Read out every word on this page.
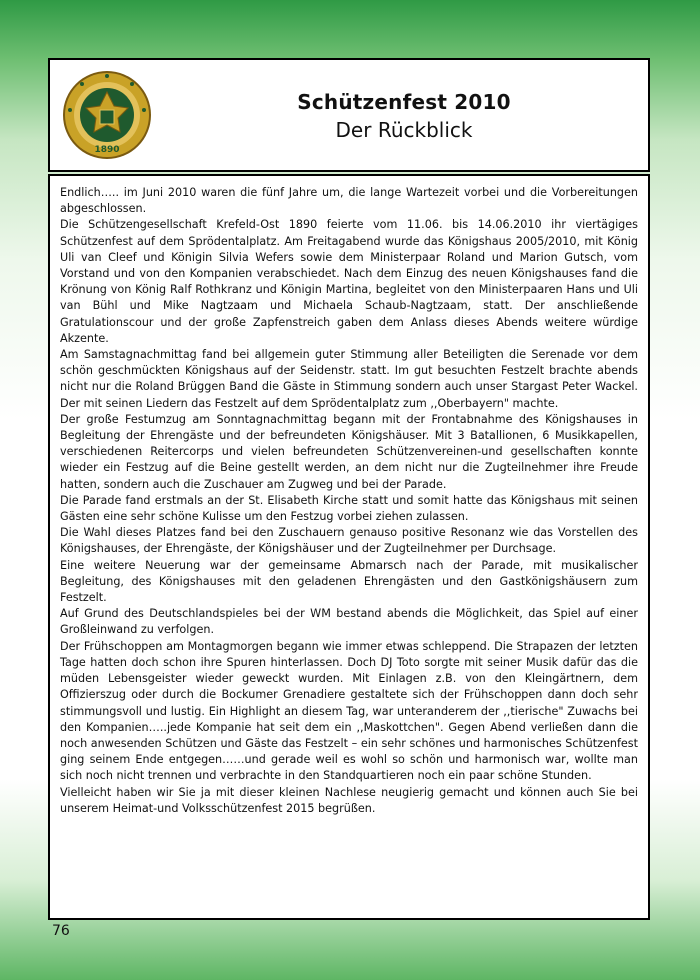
1890
Schützenfest 2010
Der Rückblick

Endlich….. im Juni 2010 waren die fünf Jahre um, die lange Wartezeit vorbei und die Vorbereitungen abgeschlossen.

Die Schützengesellschaft Krefeld-Ost 1890 feierte vom 11.06. bis 14.06.2010 ihr viertägiges Schützenfest auf dem Sprödentalplatz. Am Freitagabend wurde das Königshaus 2005/2010, mit König Uli van Cleef und Königin Silvia Wefers sowie dem Ministerpaar Roland und Marion Gutsch, vom Vorstand und von den Kompanien verabschiedet. Nach dem Einzug des neuen Königshauses fand die Krönung von König Ralf Rothkranz und Königin Martina, begleitet von den Ministerpaaren Hans und Uli van Bühl und Mike Nagtzaam und Michaela Schaub-Nagtzaam, statt. Der anschließende Gratulationscour und der große Zapfenstreich gaben dem Anlass dieses Abends weitere würdige Akzente.

Am Samstagnachmittag fand bei allgemein guter Stimmung aller Beteiligten die Serenade vor dem schön geschmückten Königshaus auf der Seidenstr. statt. Im gut besuchten Festzelt brachte abends nicht nur die Roland Brüggen Band die Gäste in Stimmung sondern auch unser Stargast Peter Wackel. Der mit seinen Liedern das Festzelt auf dem Sprödentalplatz zum ,,Oberbayern" machte.

Der große Festumzug am Sonntagnachmittag begann mit der Frontabnahme des Königshauses in Begleitung der Ehrengäste und der befreundeten Königshäuser. Mit 3 Batallionen, 6 Musikkapellen, verschiedenen Reitercorps und vielen befreundeten Schützenvereinen-und gesellschaften konnte wieder ein Festzug auf die Beine gestellt werden, an dem nicht nur die Zugteilnehmer ihre Freude hatten, sondern auch die Zuschauer am Zugweg und bei der Parade.

Die Parade fand erstmals an der St. Elisabeth Kirche statt und somit hatte das Königshaus mit seinen Gästen eine sehr schöne Kulisse um den Festzug vorbei ziehen zulassen.

Die Wahl dieses Platzes fand bei den Zuschauern genauso positive Resonanz wie das Vorstellen des Königshauses, der Ehrengäste, der Königshäuser und der Zugteilnehmer per Durchsage.

Eine weitere Neuerung war der gemeinsame Abmarsch nach der Parade, mit musikalischer Begleitung, des Königshauses mit den geladenen Ehrengästen und den Gastkönigshäusern zum Festzelt.

Auf Grund des Deutschlandspieles bei der WM bestand abends die Möglichkeit, das Spiel auf einer Großleinwand zu verfolgen.

Der Frühschoppen am Montagmorgen begann wie immer etwas schleppend. Die Strapazen der letzten Tage hatten doch schon ihre Spuren hinterlassen. Doch DJ Toto sorgte mit seiner Musik dafür das die müden Lebensgeister wieder geweckt wurden. Mit Einlagen z.B. von den Kleingärtnern, dem Offizierszug oder durch die Bockumer Grenadiere gestaltete sich der Frühschoppen dann doch sehr stimmungsvoll und lustig. Ein Highlight an diesem Tag, war unteranderem der ,,tierische" Zuwachs bei den Kompanien…..jede Kompanie hat seit dem ein ,,Maskottchen". Gegen Abend verließen dann die noch anwesenden Schützen und Gäste das Festzelt – ein sehr schönes und harmonisches Schützenfest ging seinem Ende entgegen……und gerade weil es wohl so schön und harmonisch war, wollte man sich noch nicht trennen und verbrachte in den Standquartieren noch ein paar schöne Stunden.

Vielleicht haben wir Sie ja mit dieser kleinen Nachlese neugierig gemacht und können auch Sie bei unserem Heimat-und Volksschützenfest 2015 begrüßen.

76
